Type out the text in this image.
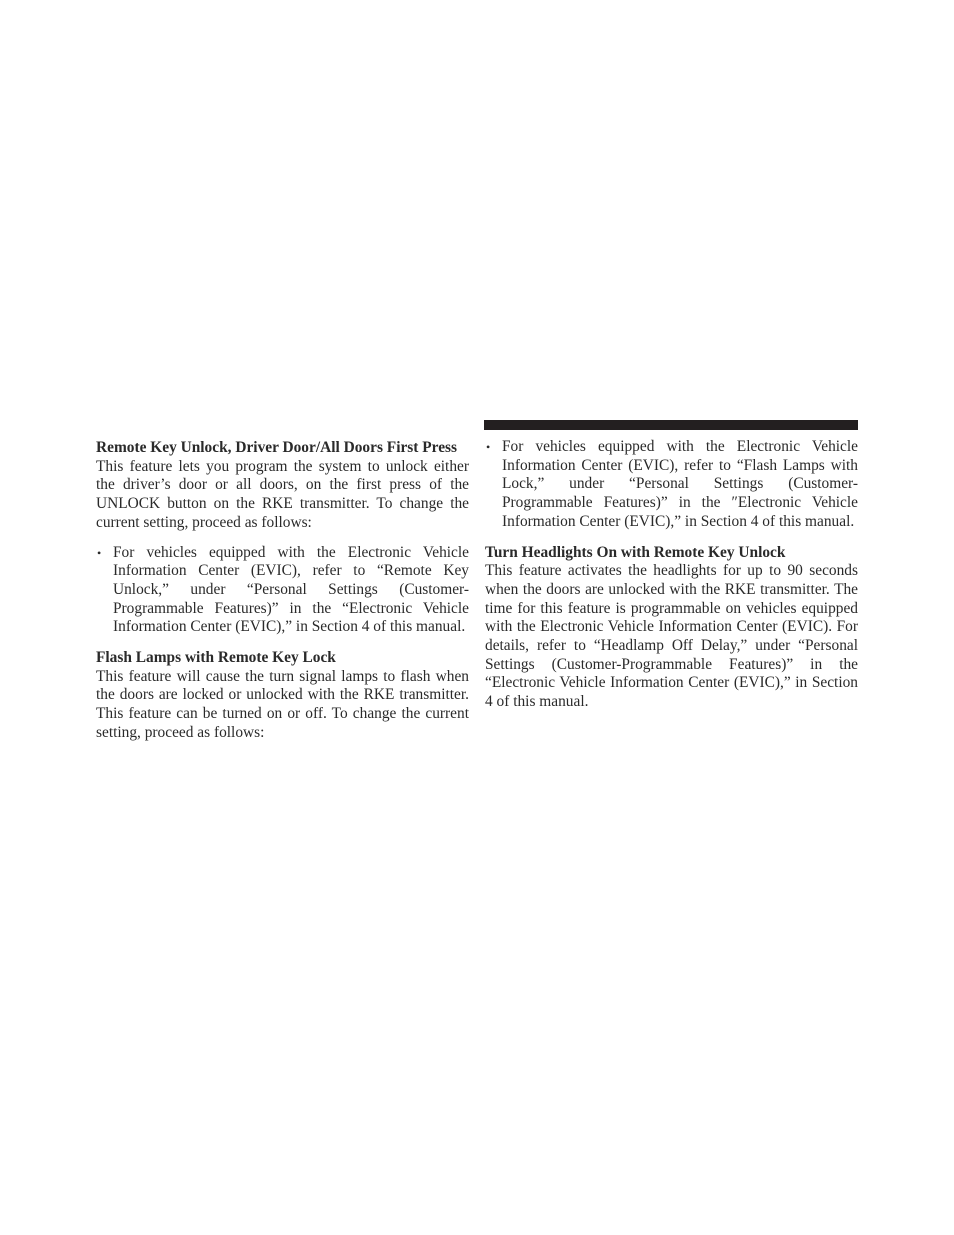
Remote Key Unlock, Driver Door/All Doors First Press

This feature lets you program the system to unlock either the driver’s door or all doors, on the first press of the UNLOCK button on the RKE transmitter. To change the current setting, proceed as follows:

• For vehicles equipped with the Electronic Vehicle Information Center (EVIC), refer to “Remote Key Unlock,” under “Personal Settings (Customer-Programmable Features)” in the “Electronic Vehicle Information Center (EVIC),” in Section 4 of this manual.

Flash Lamps with Remote Key Lock

This feature will cause the turn signal lamps to flash when the doors are locked or unlocked with the RKE transmitter. This feature can be turned on or off. To change the current setting, proceed as follows:

• For vehicles equipped with the Electronic Vehicle Information Center (EVIC), refer to “Flash Lamps with Lock,” under “Personal Settings (Customer-Programmable Features)” in the ″Electronic Vehicle Information Center (EVIC),” in Section 4 of this manual.

Turn Headlights On with Remote Key Unlock

This feature activates the headlights for up to 90 seconds when the doors are unlocked with the RKE transmitter. The time for this feature is programmable on vehicles equipped with the Electronic Vehicle Information Center (EVIC). For details, refer to “Headlamp Off Delay,” under “Personal Settings (Customer-Programmable Features)” in the “Electronic Vehicle Information Center (EVIC),” in Section 4 of this manual.
